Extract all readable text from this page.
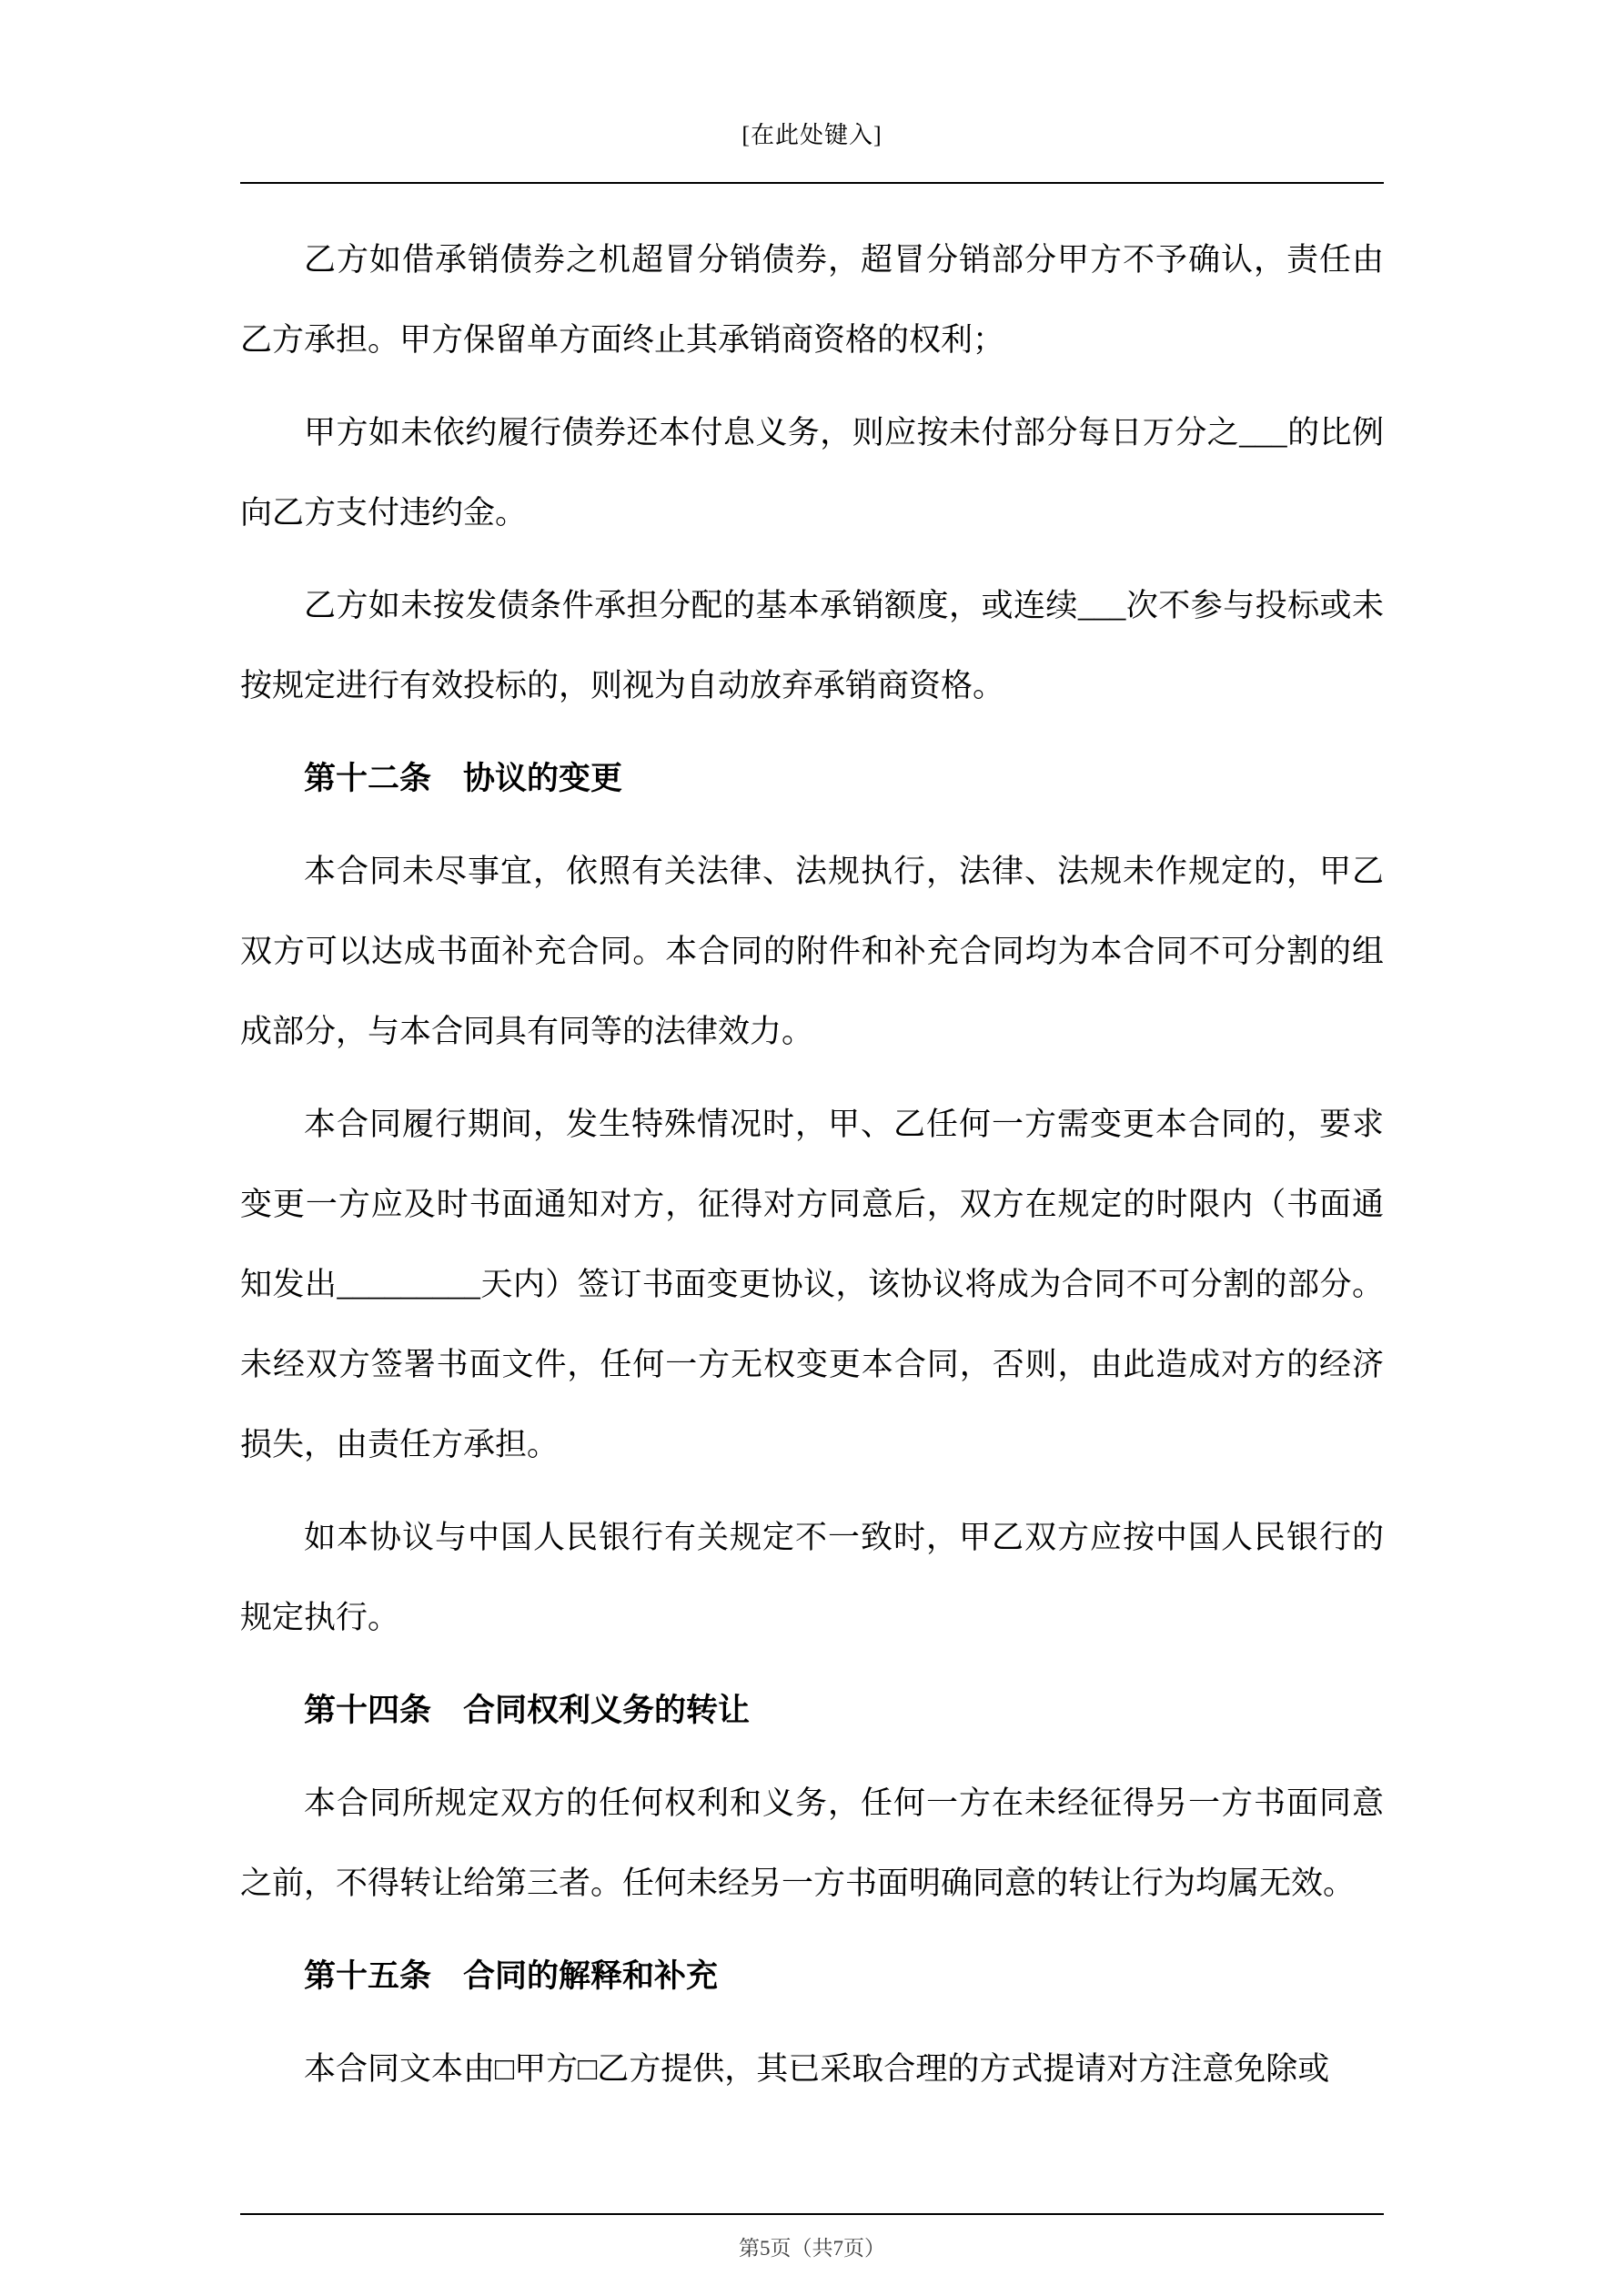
[在此处键入]

乙方如借承销债券之机超冒分销债券，超冒分销部分甲方不予确认，责任由乙方承担。甲方保留单方面终止其承销商资格的权利；

甲方如未依约履行债券还本付息义务，则应按未付部分每日万分之___的比例向乙方支付违约金。

乙方如未按发债条件承担分配的基本承销额度，或连续___次不参与投标或未按规定进行有效投标的，则视为自动放弃承销商资格。

第十二条　协议的变更

本合同未尽事宜，依照有关法律、法规执行，法律、法规未作规定的，甲乙双方可以达成书面补充合同。本合同的附件和补充合同均为本合同不可分割的组成部分，与本合同具有同等的法律效力。

本合同履行期间，发生特殊情况时，甲、乙任何一方需变更本合同的，要求变更一方应及时书面通知对方，征得对方同意后，双方在规定的时限内（书面通知发出_________天内）签订书面变更协议，该协议将成为合同不可分割的部分。未经双方签署书面文件，任何一方无权变更本合同，否则，由此造成对方的经济损失，由责任方承担。

如本协议与中国人民银行有关规定不一致时，甲乙双方应按中国人民银行的规定执行。

第十四条　合同权利义务的转让

本合同所规定双方的任何权利和义务，任何一方在未经征得另一方书面同意之前，不得转让给第三者。任何未经另一方书面明确同意的转让行为均属无效。

第十五条　合同的解释和补充

本合同文本由□甲方□乙方提供，其已采取合理的方式提请对方注意免除或

第5页（共7页）
